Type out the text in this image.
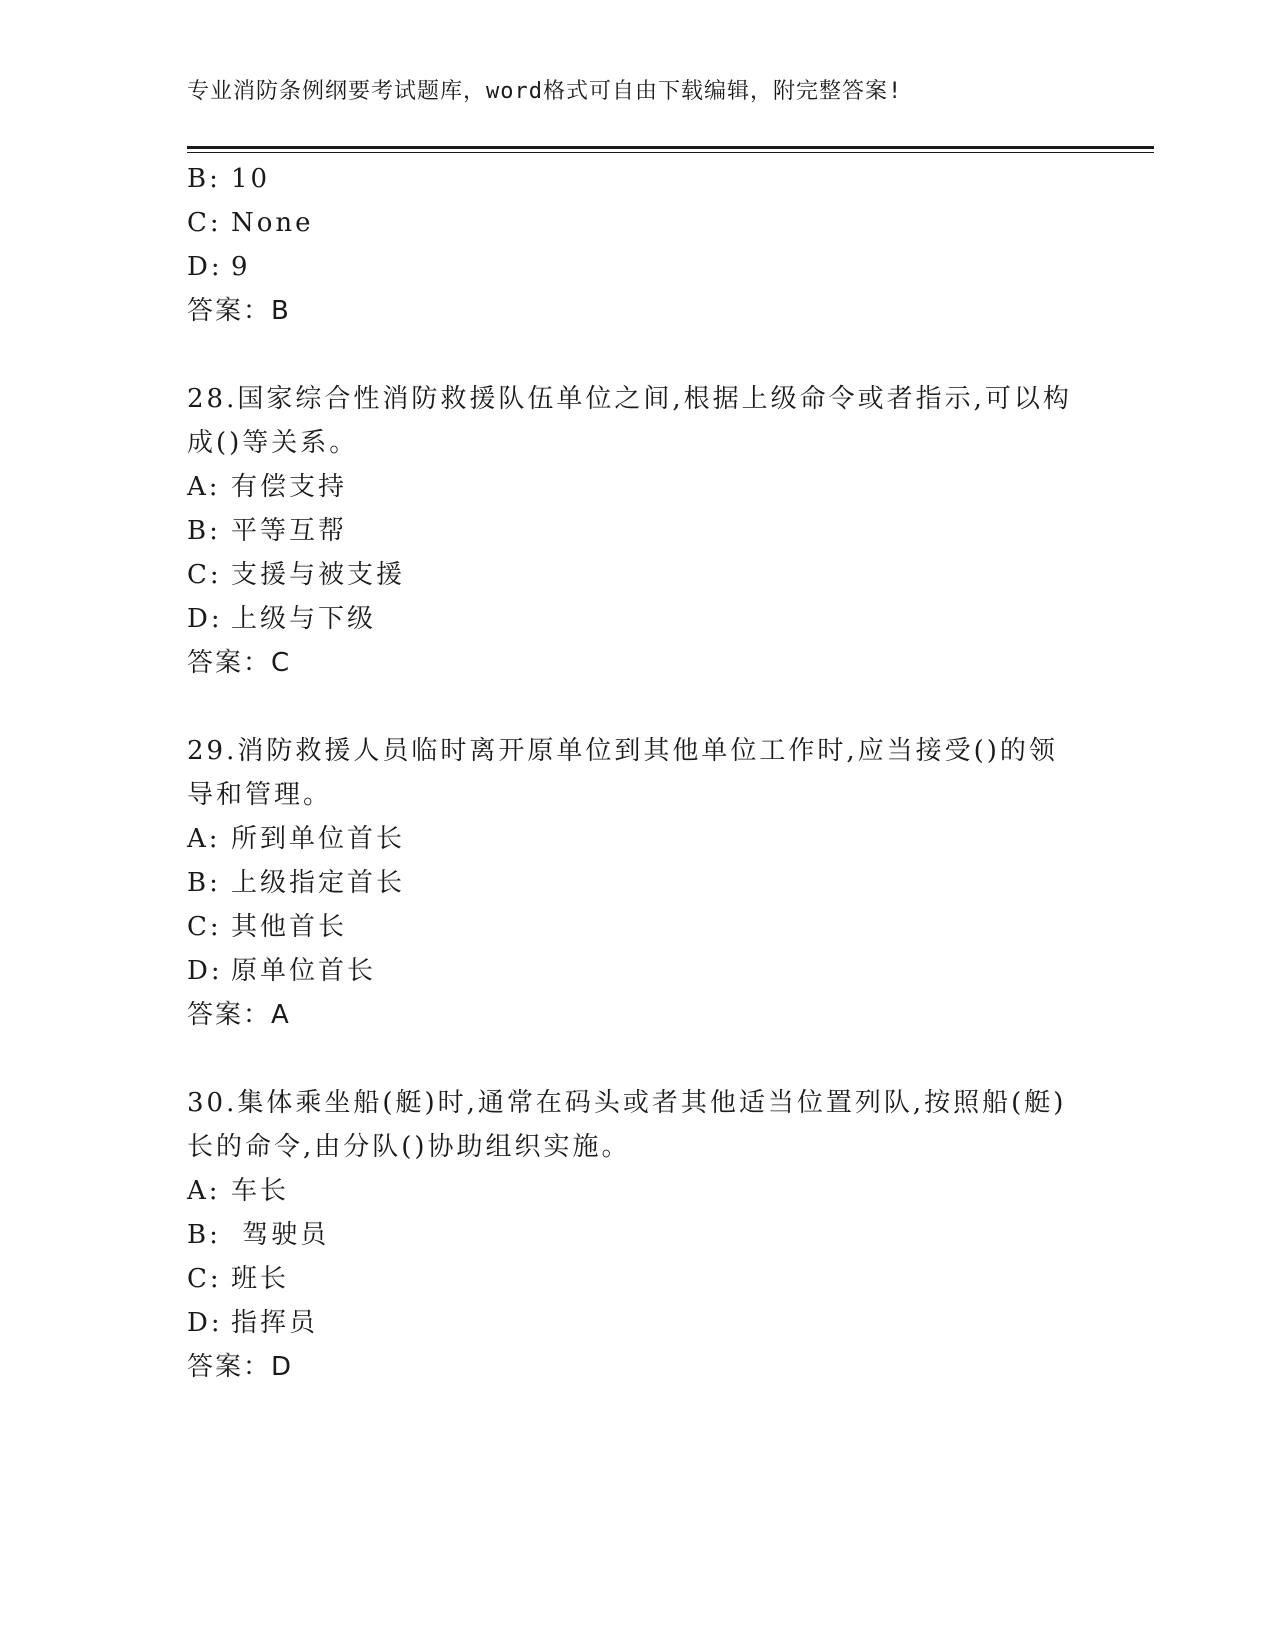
专业消防条例纲要考试题库，word格式可自由下载编辑，附完整答案!
B: 10
C: None
D: 9
答案：B
28.国家综合性消防救援队伍单位之间,根据上级命令或者指示,可以构
成()等关系。
A: 有偿支持
B: 平等互帮
C: 支援与被支援
D: 上级与下级
答案：C
29.消防救援人员临时离开原单位到其他单位工作时,应当接受()的领
导和管理。
A: 所到单位首长
B: 上级指定首长
C: 其他首长
D: 原单位首长
答案：A
30.集体乘坐船(艇)时,通常在码头或者其他适当位置列队,按照船(艇)
长的命令,由分队()协助组织实施。
A: 车长
B: 驾驶员
C: 班长
D: 指挥员
答案：D
